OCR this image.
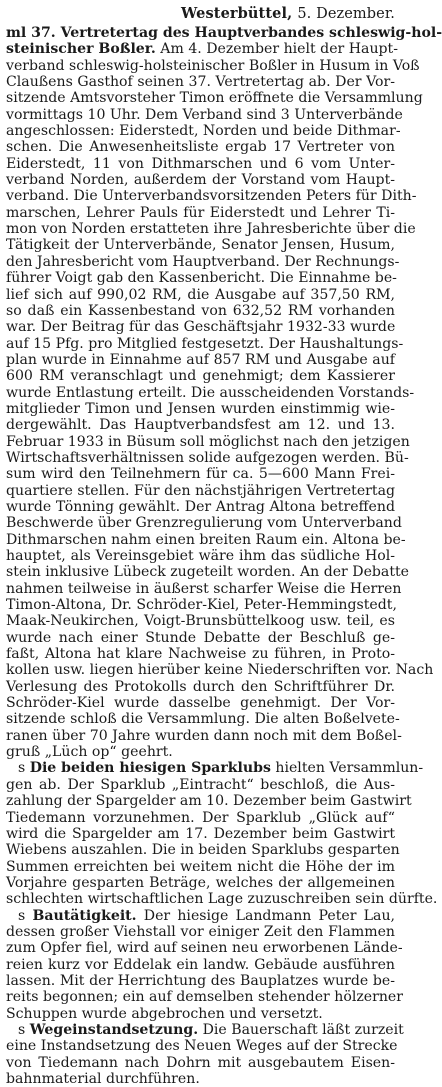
Westerbüttel, 5. Dezember.
ml 37. Vertretertag des Hauptverbandes schleswig-hol-
steinischer Boßler. Am 4. Dezember hielt der Haupt-
verband schleswig-holsteinischer Boßler in Husum in Voß
Claußens Gasthof seinen 37. Vertretertag ab. Der Vor-
sitzende Amtsvorsteher Timon eröffnete die Versammlung
vormittags 10 Uhr. Dem Verband sind 3 Unterverbände
angeschlossen: Eiderstedt, Norden und beide Dithmar-
schen. Die Anwesenheitsliste ergab 17 Vertreter von
Eiderstedt, 11 von Dithmarschen und 6 vom Unter-
verband Norden, außerdem der Vorstand vom Haupt-
verband. Die Unterverbandsvorsitzenden Peters für Dith-
marschen, Lehrer Pauls für Eiderstedt und Lehrer Ti-
mon von Norden erstatteten ihre Jahresberichte über die
Tätigkeit der Unterverbände, Senator Jensen, Husum,
den Jahresbericht vom Hauptverband. Der Rechnungs-
führer Voigt gab den Kassenbericht. Die Einnahme be-
lief sich auf 990,02 RM, die Ausgabe auf 357,50 RM,
so daß ein Kassenbestand von 632,52 RM vorhanden
war. Der Beitrag für das Geschäftsjahr 1932-33 wurde
auf 15 Pfg. pro Mitglied festgesetzt. Der Haushaltungs-
plan wurde in Einnahme auf 857 RM und Ausgabe auf
600 RM veranschlagt und genehmigt; dem Kassierer
wurde Entlastung erteilt. Die ausscheidenden Vorstands-
mitglieder Timon und Jensen wurden einstimmig wie-
dergewählt. Das Hauptverbandsfest am 12. und 13.
Februar 1933 in Büsum soll möglichst nach den jetzigen
Wirtschaftsverhältnissen solide aufgezogen werden. Bü-
sum wird den Teilnehmern für ca. 5—600 Mann Frei-
quartiere stellen. Für den nächstjährigen Vertretertag
wurde Tönning gewählt. Der Antrag Altona betreffend
Beschwerde über Grenzregulierung vom Unterverband
Dithmarschen nahm einen breiten Raum ein. Altona be-
hauptet, als Vereinsgebiet wäre ihm das südliche Hol-
stein inklusive Lübeck zugeteilt worden. An der Debatte
nahmen teilweise in äußerst scharfer Weise die Herren
Timon-Altona, Dr. Schröder-Kiel, Peter-Hemmingstedt,
Maak-Neukirchen, Voigt-Brunsbüttelkoog usw. teil, es
wurde nach einer Stunde Debatte der Beschluß ge-
faßt, Altona hat klare Nachweise zu führen, in Proto-
kollen usw. liegen hierüber keine Niederschriften vor. Nach
Verlesung des Protokolls durch den Schriftführer Dr.
Schröder-Kiel wurde dasselbe genehmigt. Der Vor-
sitzende schloß die Versammlung. Die alten Boßelvete-
ranen über 70 Jahre wurden dann noch mit dem Boßel-
gruß „Lüch op“ geehrt.
s Die beiden hiesigen Sparklubs hielten Versammlun-
gen ab. Der Sparklub „Eintracht“ beschloß, die Aus-
zahlung der Spargelder am 10. Dezember beim Gastwirt
Tiedemann vorzunehmen. Der Sparklub „Glück auf“
wird die Spargelder am 17. Dezember beim Gastwirt
Wiebens auszahlen. Die in beiden Sparklubs gesparten
Summen erreichten bei weitem nicht die Höhe der im
Vorjahre gesparten Beträge, welches der allgemeinen
schlechten wirtschaftlichen Lage zuzuschreiben sein dürfte.
s Bautätigkeit. Der hiesige Landmann Peter Lau,
dessen großer Viehstall vor einiger Zeit den Flammen
zum Opfer fiel, wird auf seinen neu erworbenen Lände-
reien kurz vor Eddelak ein landw. Gebäude ausführen
lassen. Mit der Herrichtung des Bauplatzes wurde be-
reits begonnen; ein auf demselben stehender hölzerner
Schuppen wurde abgebrochen und versetzt.
s Wegeinstandsetzung. Die Bauerschaft läßt zurzeit
eine Instandsetzung des Neuen Weges auf der Strecke
von Tiedemann nach Dohrn mit ausgebautem Eisen-
bahnmaterial durchführen.
